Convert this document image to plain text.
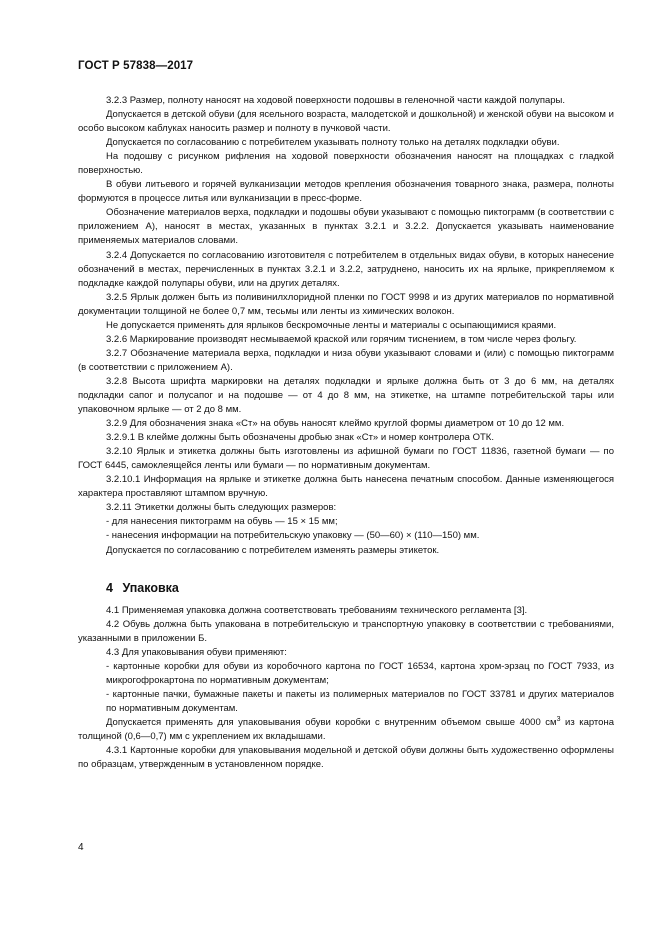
ГОСТ Р 57838—2017

3.2.3 Размер, полноту наносят на ходовой поверхности подошвы в геленочной части каждой полупары.

Допускается в детской обуви (для ясельного возраста, малодетской и дошкольной) и женской обуви на высоком и особо высоком каблуках наносить размер и полноту в пучковой части.

Допускается по согласованию с потребителем указывать полноту только на деталях подкладки обуви.

На подошву с рисунком рифления на ходовой поверхности обозначения наносят на площадках с гладкой поверхностью.

В обуви литьевого и горячей вулканизации методов крепления обозначения товарного знака, размера, полноты формуются в процессе литья или вулканизации в пресс-форме.

Обозначение материалов верха, подкладки и подошвы обуви указывают с помощью пиктограмм (в соответствии с приложением А), наносят в местах, указанных в пунктах 3.2.1 и 3.2.2. Допускается указывать наименование применяемых материалов словами.

3.2.4 Допускается по согласованию изготовителя с потребителем в отдельных видах обуви, в которых нанесение обозначений в местах, перечисленных в пунктах 3.2.1 и 3.2.2, затруднено, наносить их на ярлыке, прикрепляемом к подкладке каждой полупары обуви, или на других деталях.

3.2.5 Ярлык должен быть из поливинилхлоридной пленки по ГОСТ 9998 и из других материалов по нормативной документации толщиной не более 0,7 мм, тесьмы или ленты из химических волокон.

Не допускается применять для ярлыков бескромочные ленты и материалы с осыпающимися краями.

3.2.6 Маркирование производят несмываемой краской или горячим тиснением, в том числе через фольгу.

3.2.7 Обозначение материала верха, подкладки и низа обуви указывают словами и (или) с помощью пиктограмм (в соответствии с приложением А).

3.2.8 Высота шрифта маркировки на деталях подкладки и ярлыке должна быть от 3 до 6 мм, на деталях подкладки сапог и полусапог и на подошве — от 4 до 8 мм, на этикетке, на штампе потребительской тары или упаковочном ярлыке — от 2 до 8 мм.

3.2.9 Для обозначения знака «Ст» на обувь наносят клеймо круглой формы диаметром от 10 до 12 мм.

3.2.9.1 В клейме должны быть обозначены дробью знак «Ст» и номер контролера ОТК.

3.2.10 Ярлык и этикетка должны быть изготовлены из афишной бумаги по ГОСТ 11836, газетной бумаги — по ГОСТ 6445, самоклеящейся ленты или бумаги — по нормативным документам.

3.2.10.1 Информация на ярлыке и этикетке должна быть нанесена печатным способом. Данные изменяющегося характера проставляют штампом вручную.

3.2.11 Этикетки должны быть следующих размеров:

- для нанесения пиктограмм на обувь — 15 × 15 мм;

- нанесения информации на потребительскую упаковку — (50—60) × (110—150) мм.

Допускается по согласованию с потребителем изменять размеры этикеток.

4 Упаковка

4.1 Применяемая упаковка должна соответствовать требованиям технического регламента [3].

4.2 Обувь должна быть упакована в потребительскую и транспортную упаковку в соответствии с требованиями, указанными в приложении Б.

4.3 Для упаковывания обуви применяют:

- картонные коробки для обуви из коробочного картона по ГОСТ 16534, картона хром-эрзац по ГОСТ 7933, из микрогофрокартона по нормативным документам;

- картонные пачки, бумажные пакеты и пакеты из полимерных материалов по ГОСТ 33781 и других материалов по нормативным документам.

Допускается применять для упаковывания обуви коробки с внутренним объемом свыше 4000 $см^3$ из картона толщиной (0,6—0,7) мм с укреплением их вкладышами.

4.3.1 Картонные коробки для упаковывания модельной и детской обуви должны быть художественно оформлены по образцам, утвержденным в установленном порядке.

4
